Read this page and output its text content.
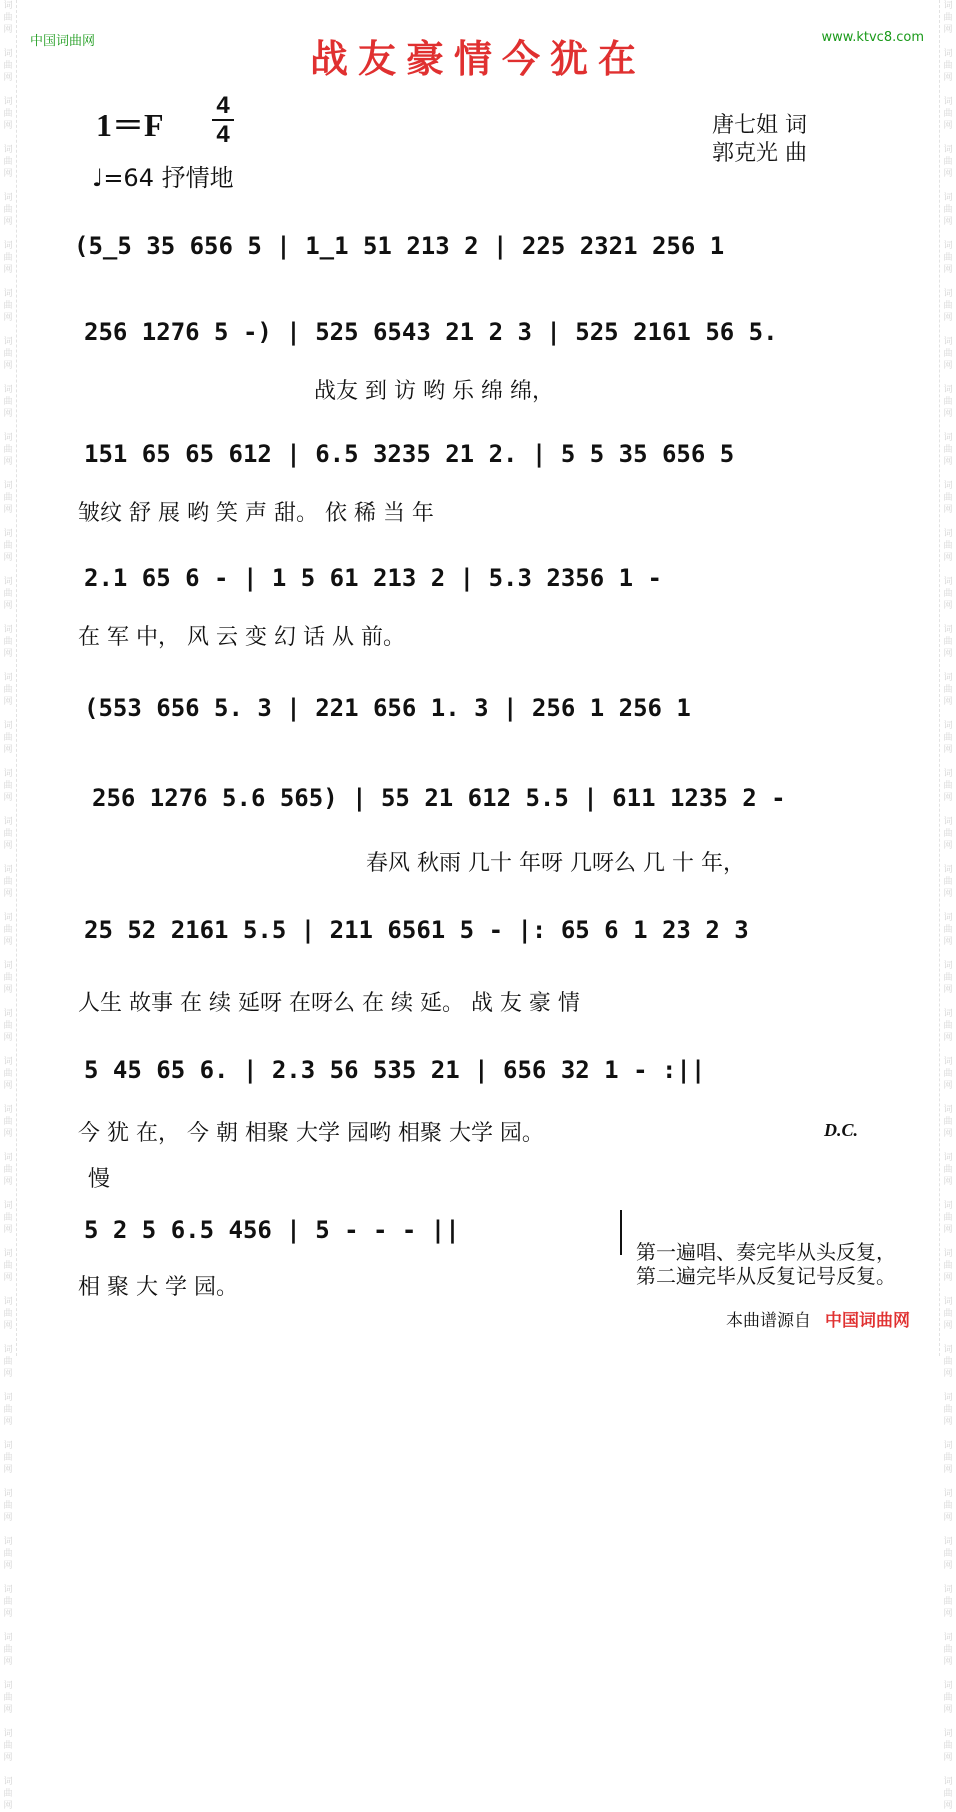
词
曲
网

词
曲
网

词
曲
网

词
曲
网

词
曲
网

词
曲
网

词
曲
网

词
曲
网

词
曲
网

词
曲
网

词
曲
网

词
曲
网

词
曲
网

词
曲
网

词
曲
网

词
曲
网

词
曲
网

词
曲
网

词
曲
网

词
曲
网

词
曲
网

词
曲
网

词
曲
网

词
曲
网

词
曲
网

词
曲
网

词
曲
网

词
曲
网

词
曲
网

词
曲
网

词
曲
网

词
曲
网

词
曲
网

词
曲
网

词
曲
网

词
曲
网

词
曲
网

词
曲
网

词
曲
网

词
曲
网

词
曲
网

词
曲
网

词
曲
网

词
曲
网

词
曲
网

词
曲
网

词
曲
网

词
曲
网

词
曲
网

词
曲
网

词
曲
网

词
曲
网

词
曲
网

词
曲
网

词
曲
网

词
曲
网

词
曲
网

词
曲
网

词
曲
网

词
曲
网

词
曲
网

词
曲
网

词
曲
网

词
曲
网

词
曲
网

词
曲
网

词
曲
网

词
曲
网

词
曲
网

词
曲
网

词
曲
网

词
曲
网

词
曲
网

词
曲
网

词
曲
网

词
曲
网

中国词曲网	www.ktvc8.com
战友豪情今犹在
1＝F
4
4
♩=64 抒情地
唐七姐 词
郭克光 曲
(5̲5 35 656 5 | 1̲1 51 213 2 | 225 2321 256 1
256 1276 5 -) | 525 6543 21 2 3 | 525 2161 56 5.
战友 到 访 哟 乐 绵 绵，
151 65 65 612 | 6.5 3235 21 2. | 5 5 35 656 5
皱纹 舒 展 哟 笑 声 甜。 依 稀 当 年
2.1 65 6 - | 1 5 61 213 2 | 5.3 2356 1 -
在 军 中， 风 云 变 幻 话 从 前。
(553 656 5. 3 | 221 656 1. 3 | 256 1 256 1
256 1276 5.6 565) | 55 21 612 5.5 | 611 1235 2 -
春风 秋雨 几十 年呀 几呀么 几 十 年，
25 52 2161 5.5 | 211 6561 5 - |: 65 6 1 23 2 3
人生 故事 在 续 延呀 在呀么 在 续 延。 战 友 豪 情
5 45 65 6. | 2.3 56 535 21 | 656 32 1 - :||
今 犹 在， 今 朝 相聚 大学 园哟 相聚 大学 园。	D.C.
慢
5 2 5 6.5 456 | 5 - - - ||
相 聚 大 学 园。
第一遍唱、奏完毕从头反复，
第二遍完毕从反复记号反复。
本曲谱源自 中国词曲网
